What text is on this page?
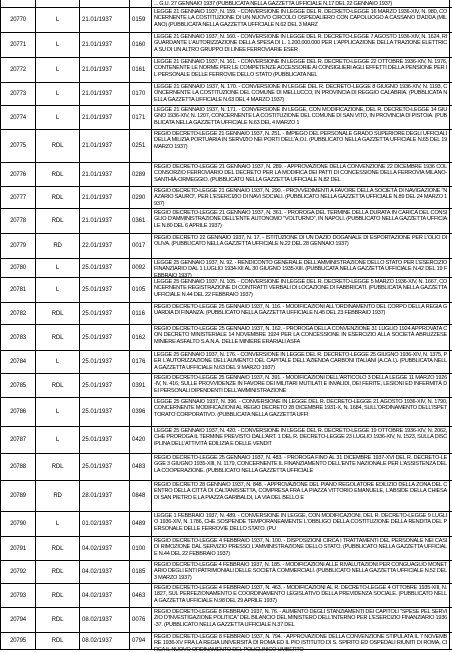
... G.U. 27 GENNAIO 1937 (PUBBLICATA NELLA GAZZETTA UFFICIALE N.17 DEL 22 GENNAIO 1937)
20770	L	21.01/1937	0159
LEGGE 21 GENNAIO 1937, N. 159. - CONVERSIONE IN LEGGE DEL R. DECRETO-LEGGE 16 MARZO 1936-XIV, N. 980, CONCERNENTE LA COSTITUZIONE DI UN NUOVO CIRCOLO OSPEDALIERO CON CAPOLUOGO A CASSANO D'ADDA (MILANO) (PUBBLICATA NELLA GAZZETTA UFFICIALE N.62 DEL 3 MARZ
20771	L	21.01/1937	0160
LEGGE 21 GENNAIO 1937, N. 160. - CONVERSIONE IN LEGGE DEL R. DECRETO-LEGGE 7 AGOSTO 1936-XIV, N. 1624, RIGUARDANTE L'AUTORIZZAZIONE DELLA SPESA DI L. 1.200.000.000 PER L'APPLICAZIONE DELLA TRAZIONE ELETTRICA SU DI UN ALTRO GRUPPO DI LINEE FERROVIARIE ESER
20772	L	21.01/1937	0161
LEGGE 21 GENNAIO 1937, N. 161. - CONVERSIONE IN LEGGE DEL R. DECRETO-LEGGE 22 OTTOBRE 1936-XIV, N. 1976, CONTENENTE LE NORME PER LE COMPETENZE ACCESSORIE AI CONSIGLIERI AGLI EFFETTI DELLA PENSIONE PER IL PERSONALE DELLE FERROVIE DELLO STATO (PUBBLICATA NEL
20773	L	21.01/1937	0170
LEGGE 21 GENNAIO 1937, N. 170. - CONVERSIONE IN LEGGE DEL R. DECRETO-LEGGE 8 GIUGNO 1936-XIV, N. 1193, CONCERNENTE LA COSTITUZIONE DEL COMUNE DI MELLUCCO, IN PROVINCIA DI REGGIO CALABRIA. (PUBBLICATA NELLA GAZZETTA UFFICIALE N.63 DEL 4 MARZO 1937)
20774	L	21.01/1937	0171
LEGGE 21 GENNAIO 1937, N. 171. - CONVERSIONE IN LEGGE, CON MODIFICAZIONE, DEL R. DECRETO-LEGGE 14 GIUGNO 1936-XIV, N. 1207, CONCERNENTE LA COSTITUZIONE DEL COMUNE DI SAN VITO, IN PROVINCIA DI PISTOIA. (PUBBLICATA NELLA GAZZETTA UFFICIALE N.63 DEL 4 MARZO 1
20775	RDL	21.01/1937	0251
REGIO DECRETO-LEGGE 21 GENNAIO 1937, N. 251. - IMPIEGO DEL PERSONALE GRADO SUPERIORE DEGLI UFFICIALI DELLA MILIZIA PORTUARIA IN SERVIZIO NEI PORTI DELL'A.O.I. (PUBBLICATO NELLA GAZZETTA UFFICIALE N.65 DEL 19 MARZO 1937)
20776	RDL	21.01/1937	0289
REGIO DECRETO-LEGGE 21 GENNAIO 1937, N. 289. - APPROVAZIONE DELLA CONVENZIONE 22 DICEMBRE 1936 COL CONSORZIO FERROVIARIO DEL DECRETO PER LA MODIFICA DEI PATTI DI CONCESSIONE DELLA FERROVIA MILANO-SANTHIÀ-ORMEGGIO. (PUBBLICATO NELLA GAZZETTA UFFICIALE N.82 DEL
20777	RDL	21.01/1937	0290
REGIO DECRETO-LEGGE 21 GENNAIO 1937, N. 290. - PROVVEDIMENTI A FAVORE DELLA SOCIETÀ DI NAVIGAZIONE "NAZARIO SAURO", PER L'ESERCIZIO DI NAVI SOCIALI. (PUBBLICATO NELLA GAZZETTA UFFICIALE N.89 DEL 24 MARZO 1937)
20778	RDL	21.01/1937	0361
REGIO DECRETO-LEGGE 21 GENNAIO 1937, N. 361. - PROROGA DEL TERMINE DELLA DURATA IN CARICA DEL CONSIGLIO D'AMMINISTRAZIONE DELL'ENTE AUTONOMO "VOLTURNO", IN NAPOLI. (PUBBLICATO NELLA GAZZETTA UFFICIALE N.80 DEL 6 APRILE 1937)
20779	RD	22.01/1937	0017
REGIO DECRETO 22 GENNAIO 1937, N. 17. - ISTITUZIONE DI UN DAZIO DOGANALE DI ESPORTAZIONE PER L'OLIO DI OLIVA. (PUBBLICATO NELLA GAZZETTA UFFICIALE N.22 DEL 28 GENNAIO 1937)
20780	L	25.01/1937	0092
LEGGE 25 GENNAIO 1937, N. 92. - RENDICONTO GENERALE DELL'AMMINISTRAZIONE DELLO STATO PER L'ESERCIZIO FINANZIARIO DAL 1 LUGLIO 1934-XII AL 30 GIUGNO 1935-XIII. (PUBBLICATA NELLA GAZZETTA UFFICIALE N.42 DEL 19 FEBBRAIO 1937)
20781	L	25.01/1937	0105
LEGGE 25 GENNAIO 1937, N. 105. - CONVERSIONE IN LEGGE DEL R. DECRETO-LEGGE 5 MARZO 1936-XIV, N. 1667, CONCERNENTE REGISTRAZIONE DI CONTRATTI VERBALI DI LOCAZIONE DI FABBRICATI. (PUBBLICATA NELLA GAZZETTA UFFICIALE N.44 DEL 22 FEBBRAIO 1937)
20782	RDL	25.01/1937	0116
REGIO DECRETO-LEGGE 25 GENNAIO 1937, N. 116. - MODIFICAZIONI ALL'ORDINAMENTO DEL CORPO DELLA REGIA GUARDIA DI FINANZA. (PUBBLICATO NELLA GAZZETTA UFFICIALE N.45 DEL 23 FEBBRAIO 1937)
20783	RDL	25.01/1937	0162
REGIO DECRETO-LEGGE 25 GENNAIO 1937, N. 162. - PROROGA DELLA CONVENZIONE 31 LUGLIO 1924 APPROVATA CON DECRETO MINISTERIALE 14 NOVEMBRE 1924 PER LA CONCESSIONE IN ESERCIZIO ALLA SOCIETÀ ABRUZZESE MINIERE ASFALTO S.A.N.A. DELLE MINIERE ERARIALI ASFA
20784	L	25.01/1937	0176
LEGGE 25 GENNAIO 1937, N. 176. - CONVERSIONE IN LEGGE DEL R. DECRETO-LEGGE 25 GIUGNO 1936-XIV, N. 1375, PER L'AUTORIZZAZIONE DELL'AUMENTO DEL CAPITALE DELL'AZIENDA CARBONI ITALIANI (A.CA.I.). (PUBBLICATA NELLA GAZZETTA UFFICIALE N.63 DEL 9 MARZO 1937)
20785	RDL	25.01/1937	0391
REGIO DECRETO-LEGGE 25 GENNAIO 1937, N. 391. - MODIFICAZIONI DELL'ARTICOLO 3 DELLA LEGGE 11 MARZO 1926-IV, N. 416, SULLE PROVVIDENZE IN FAVORE DEI MILITARI MUTILATI E INVALIDI, DEI FERITE, LESIONI ED INFERMITÀ DEI PERSONALI DIPENDENTI DELL'AMMINISTRAZIONE
20786	L	25.01/1937	0396
LEGGE 25 GENNAIO 1937, N. 396. - CONVERSIONE IN LEGGE DEL R. DECRETO-LEGGE 21 AGOSTO 1936-XIV, N. 1790, CONCERNENTE MODIFICAZIONI AL REGIO DECRETO 28 DICEMBRE 1931-X, N. 1684, SULL'ORDINAMENTO DELL'ISPETTORATO CORPORATIVO. (PUBBLICATA NELLA GAZZETTA UFFI
20787	L	25.01/1937	0420
LEGGE 25 GENNAIO 1937, N. 420. - CONVERSIONE IN LEGGE DEL R. DECRETO-LEGGE 19 OTTOBRE 1936-XIV, N. 2062, CHE PROROGA IL TERMINE PREVISTO DALL'ART. 1 DEL R. DECRETO-LEGGE 23 LUGLIO 1936-XIV, N. 1523, SULLA DISCIPLINA DELL'ATTIVITÀ EDILIZIA E DELLE VENDIT
20788	RDL	25.01/1937	0483
REGIO DECRETO-LEGGE 25 GENNAIO 1937, N. 483. - PROROGA FINO AL 31 DICEMBRE 1937-XVI DEL R. DECRETO-LEGGE 3 GIUGNO 1935-XIII, N. 1179, CONCERNENTE IL FINANZIAMENTO DELL'ENTE NAZIONALE PER L'ASSISTENZA DELLA COOPERAZIONE. (PUBBLICATO NELLA GAZZETTA UFFICIALE
20789	RD	28.01/1937	0848
REGIO DECRETO 28 GENNAIO 1937, N. 848. - APPROVAZIONE DEL PIANO REGOLATORE EDILIZIO DELLA ZONA DEL CENTRO DELLA CITTÀ DI CALTANISSETTA, COMPRESA FRA LA PIAZZA VITTORIO EMANUELE, L'ABSIDE DELLA CHIESA DI SAN PIETRO E LA PIAZZA GARIBALDI, LA VIA DEL BELLO E
20790	L	01.02/1937	0489
LEGGE 1 FEBBRAIO 1937, N. 489. - CONVERSIONE IN LEGGE, CON MODIFICAZIONI, DEL R. DECRETO-LEGGE 9 LUGLIO 1936-XIV, N. 1786, CHE SOSPENDE TEMPORANEAMENTE L'OBBLIGO DELLA COSTITUZIONE DELLA RENDITA DEL PERSONALE DELLE FERROVIE DELLO STATO. (PU
20791	RDL	04.02/1937	0100
REGIO DECRETO-LEGGE 4 FEBBRAIO 1937, N. 100. - DISPOSIZIONI CIRCA I TRATTAMENTI DEL PERSONALE NEI CASI DI RIMOZIONE DAL SERVIZIO PRESSO L'AMMINISTRAZIONE DELLO STATO. (PUBBLICATO NELLA GAZZETTA UFFICIALE N.44 DEL 22 FEBBRAIO 1937)
20792	RDL	04.02/1937	0185
REGIO DECRETO-LEGGE 4 FEBBRAIO 1937, N. 185. - MODIFICAZIONI ALLE RIVALUTAZIONI PER CONGUAGLIO MONETARIO DEGLI ENTI PATRIMONIALI DELLE SOCIETÀ COMMERCIALI. (PUBBLICATO NELLA GAZZETTA UFFICIALE N.52 DEL 3 MARZO 1937)
20793	RDL	04.02/1937	0463
REGIO DECRETO-LEGGE 4 FEBBRAIO 1937, N. 463. - MODIFICAZIONI AL R. DECRETO-LEGGE 4 OTTOBRE 1935-XIII, N. 1827, SUL PERFEZIONAMENTO E COORDINAMENTO LEGISLATIVO DELLA PREVIDENZA SOCIALE. (PUBBLICATO NELLA GAZZETTA UFFICIALE N.98 DEL 29 APRILE 1937)
20794	RDL	08.02/1937	0076
REGIO DECRETO-LEGGE 8 FEBBRAIO 1937, N. 76. - AUMENTO DEGLI STANZIAMENTI DEI CAPITOLI "SPESE PEL SERVIZIO D'INVESTIGAZIONE POLITICA" DEL BILANCIO DEL MINISTERO DELL'INTERNO PER L'ESERCIZIO FINANZIARIO 1936-37. (PUBBLICATO NELLA GAZZETTA UFFICIALE N.37 DEL
20795	RDL	08.02/1937	0794
REGIO DECRETO-LEGGE 8 FEBBRAIO 1937, N. 794. - APPROVAZIONE DELLA CONVENZIONE STIPULATA IL 7 NOVEMBRE 1936-XV FRA LA REGIA UNIVERSITÀ DI ROMA ED IL PIO ISTITUTO DI S. SPIRITO ED OSPEDALI RIUNITI DI ROMA, CIRCA IL NUOVO ORDINAMENTO DEL POLICLINICO UMBERTO
